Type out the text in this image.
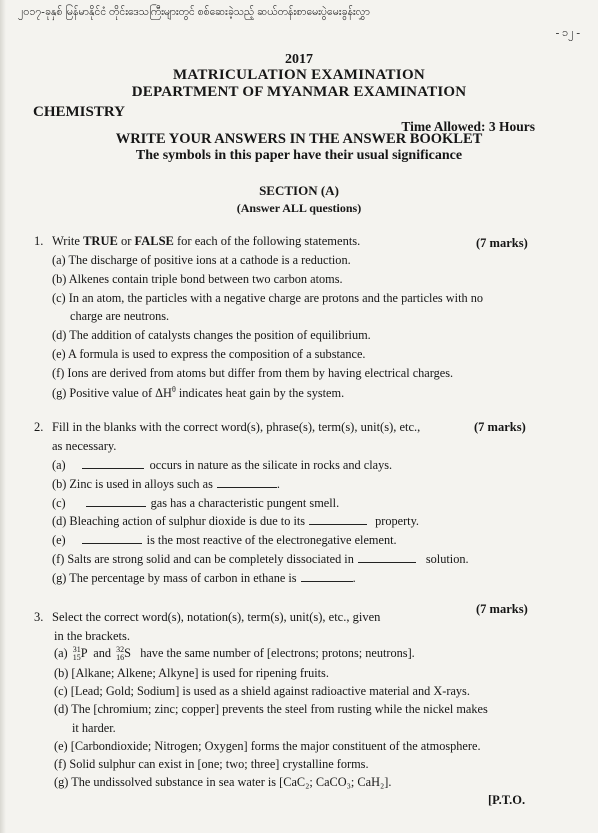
၂၀၁၇-ခုနှစ် မြန်မာနိုင်ငံ တိုင်းဒေသကြီးများတွင် စစ်ဆေးခဲ့သည့် ဆယ်တန်းစာမေးပွဲမေးခွန်းလွှာ
- ၁၂ -
2017
MATRICULATION EXAMINATION
DEPARTMENT OF MYANMAR EXAMINATION
CHEMISTRY
Time Allowed: 3 Hours
WRITE YOUR ANSWERS IN THE ANSWER BOOKLET
The symbols in this paper have their usual significance
SECTION (A)
(Answer ALL questions)
1. Write TRUE or FALSE for each of the following statements.	(7 marks)
(a) The discharge of positive ions at a cathode is a reduction.
(b) Alkenes contain triple bond between two carbon atoms.
(c) In an atom, the particles with a negative charge are protons and the particles with no
charge are neutrons.
(d) The addition of catalysts changes the position of equilibrium.
(e) A formula is used to express the composition of a substance.
(f) Ions are derived from atoms but differ from them by having electrical charges.
(g) Positive value of $\Delta H^\theta$ indicates heat gain by the system.
2. Fill in the blanks with the correct word(s), phrase(s), term(s), unit(s), etc.,	(7 marks)
as necessary.
(a)	occurs in nature as the silicate in rocks and clays.
(b) Zinc is used in alloys such as	.
(c)	gas has a characteristic pungent smell.
(d) Bleaching action of sulphur dioxide is due to its	property.
(e)	is the most reactive of the electronegative element.
(f) Salts are strong solid and can be completely dissociated in	solution.
(g) The percentage by mass of carbon in ethane is	.
3. Select the correct word(s), notation(s), term(s), unit(s), etc., given
(7 marks)
in the brackets.
(a) 31
15 P and 32
16 S have the same number of [electrons; protons; neutrons].
(b) [Alkane; Alkene; Alkyne] is used for ripening fruits.
(c) [Lead; Gold; Sodium] is used as a shield against radioactive material and X-rays.
(d) The [chromium; zinc; copper] prevents the steel from rusting while the nickel makes
it harder.
(e) [Carbondioxide; Nitrogen; Oxygen] forms the major constituent of the atmosphere.
(f) Solid sulphur can exist in [one; two; three] crystalline forms.
(g) The undissolved substance in sea water is [CaC₂; CaCO₃; CaH₂].
[P.T.O.
